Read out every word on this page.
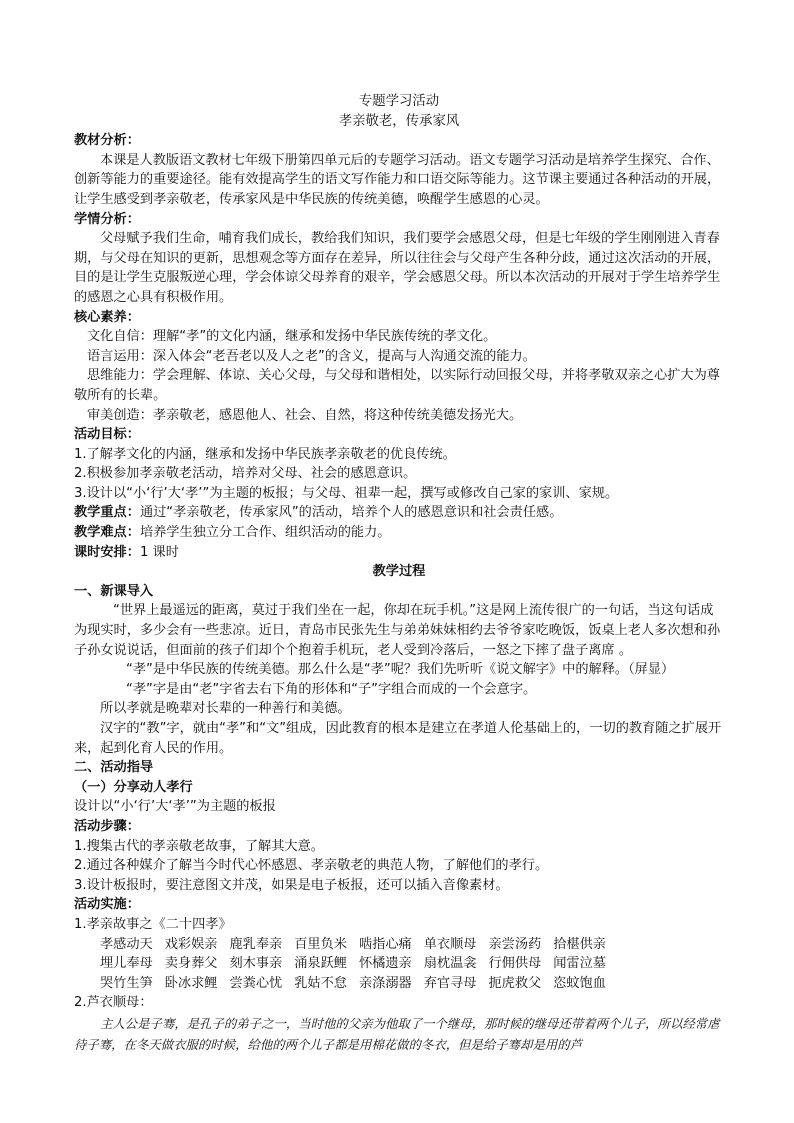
专题学习活动

孝亲敬老，传承家风

教材分析：

本课是人教版语文教材七年级下册第四单元后的专题学习活动。语文专题学习活动是培养学生探究、合作、创新等能力的重要途径。能有效提高学生的语文写作能力和口语交际等能力。这节课主要通过各种活动的开展，让学生感受到孝亲敬老，传承家风是中华民族的传统美德，唤醒学生感恩的心灵。

学情分析：

父母赋予我们生命，哺育我们成长，教给我们知识，我们要学会感恩父母，但是七年级的学生刚刚进入青春期，与父母在知识的更新，思想观念等方面存在差异，所以往往会与父母产生各种分歧，通过这次活动的开展，目的是让学生克服叛逆心理，学会体谅父母养育的艰辛，学会感恩父母。所以本次活动的开展对于学生培养学生的感恩之心具有积极作用。

核心素养：

文化自信：理解“孝”的文化内涵，继承和发扬中华民族传统的孝文化。

语言运用：深入体会“老吾老以及人之老”的含义，提高与人沟通交流的能力。

思维能力：学会理解、体谅、关心父母，与父母和谐相处，以实际行动回报父母，并将孝敬双亲之心扩大为尊敬所有的长辈。

审美创造：孝亲敬老，感恩他人、社会、自然，将这种传统美德发扬光大。

活动目标：

1.了解孝文化的内涵，继承和发扬中华民族孝亲敬老的优良传统。

2.积极参加孝亲敬老活动，培养对父母、社会的感恩意识。

3.设计以“小‘行’大‘孝’”为主题的板报；与父母、祖辈一起，撰写或修改自己家的家训、家规。

教学重点：通过“孝亲敬老，传承家风”的活动，培养个人的感恩意识和社会责任感。

教学难点：培养学生独立分工合作、组织活动的能力。

课时安排：1 课时

教学过程

一、新课导入

“世界上最遥远的距离，莫过于我们坐在一起，你却在玩手机。”这是网上流传很广的一句话，当这句话成为现实时，多少会有一些悲凉。近日，青岛市民张先生与弟弟妹妹相约去爷爷家吃晚饭，饭桌上老人多次想和孙子孙女说说话，但面前的孩子们却个个抱着手机玩，老人受到冷落后，一怒之下摔了盘子离席 。

“孝”是中华民族的传统美德。那么什么是“孝”呢？我们先听听《说文解字》中的解释。（屏显）

“孝”字是由“老”字省去右下角的形体和“子”字组合而成的一个会意字。

所以孝就是晚辈对长辈的一种善行和美德。

汉字的“教”字，就由“孝”和“文”组成，因此教育的根本是建立在孝道人伦基础上的，一切的教育随之扩展开来，起到化育人民的作用。

二、活动指导

（一）分享动人孝行

设计以“小‘行’大‘孝’”为主题的板报

活动步骤：

1.搜集古代的孝亲敬老故事，了解其大意。

2.通过各种媒介了解当今时代心怀感恩、孝亲敬老的典范人物，了解他们的孝行。

3.设计板报时，要注意图文并茂，如果是电子板报，还可以插入音像素材。

活动实施：

1.孝亲故事之《二十四孝》

孝感动天 戏彩娱亲 鹿乳奉亲 百里负米 啮指心痛 单衣顺母 亲尝汤药 拾椹供亲
埋儿奉母 卖身葬父 刻木事亲 涌泉跃鲤 怀橘遗亲 扇枕温衾 行佣供母 闻雷泣墓
哭竹生笋 卧冰求鲤 尝粪心忧 乳姑不怠 亲涤溺器 弃官寻母 扼虎救父 恣蚊饱血

2.芦衣顺母：

主人公是子骞，是孔子的弟子之一，当时他的父亲为他取了一个继母，那时候的继母还带着两个儿子，所以经常虐待子骞，在冬天做衣服的时候，给他的两个儿子都是用棉花做的冬衣，但是给子骞却是用的芦
